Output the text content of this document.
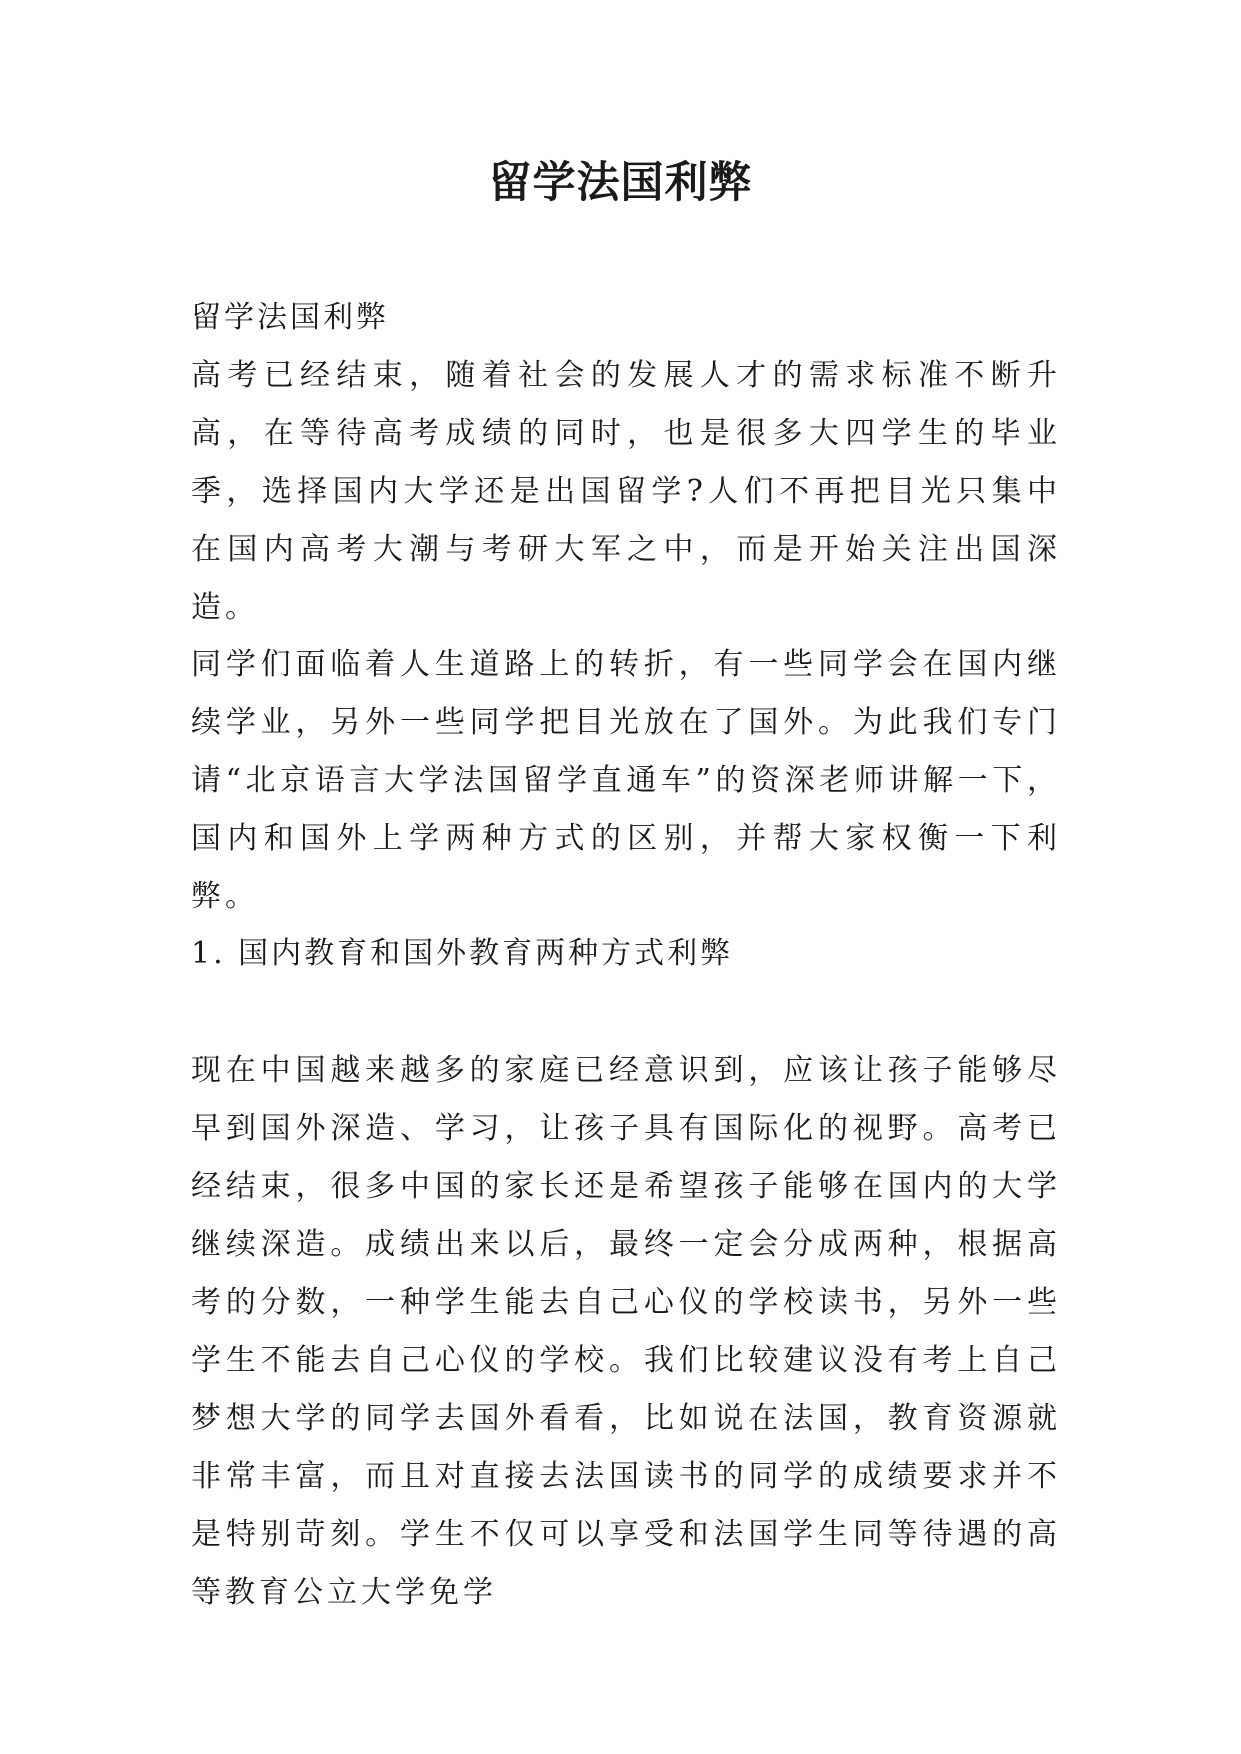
留学法国利弊

留学法国利弊

高考已经结束，随着社会的发展人才的需求标准不断升高，在等待高考成绩的同时，也是很多大四学生的毕业季，选择国内大学还是出国留学?人们不再把目光只集中在国内高考大潮与考研大军之中，而是开始关注出国深造。

同学们面临着人生道路上的转折，有一些同学会在国内继续学业，另外一些同学把目光放在了国外。为此我们专门请“北京语言大学法国留学直通车”的资深老师讲解一下，国内和国外上学两种方式的区别，并帮大家权衡一下利弊。

1. 国内教育和国外教育两种方式利弊

现在中国越来越多的家庭已经意识到，应该让孩子能够尽早到国外深造、学习，让孩子具有国际化的视野。高考已经结束，很多中国的家长还是希望孩子能够在国内的大学继续深造。成绩出来以后，最终一定会分成两种，根据高考的分数，一种学生能去自己心仪的学校读书，另外一些学生不能去自己心仪的学校。我们比较建议没有考上自己梦想大学的同学去国外看看，比如说在法国，教育资源就非常丰富，而且对直接去法国读书的同学的成绩要求并不是特别苛刻。学生不仅可以享受和法国学生同等待遇的高等教育公立大学免学
